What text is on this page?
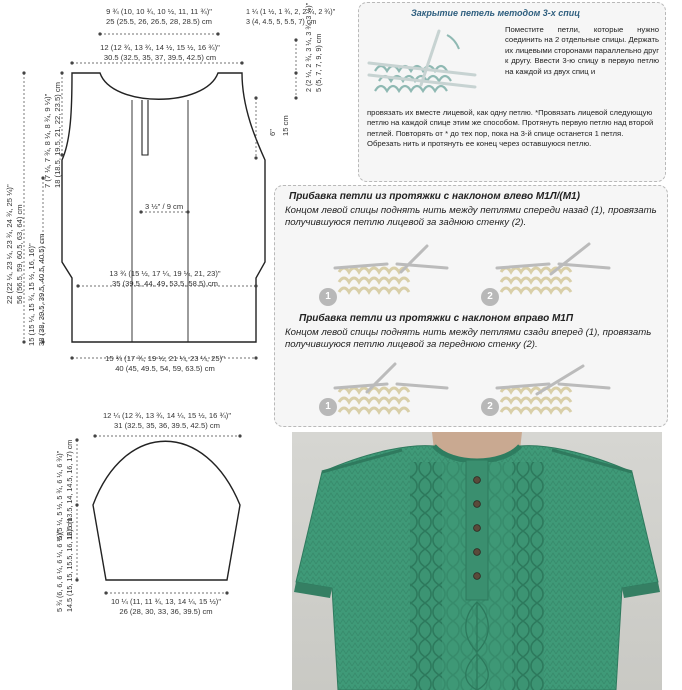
9 ¾ (10, 10 ¾, 10 ½, 11, 11 ¾)"
25 (25.5, 26, 26.5, 28, 28.5) cm
1 ¼ (1 ½, 1 ¾, 2, 2 ¼, 2 ¾)"
3 (4, 4.5, 5, 5.5, 7) cm
12 (12 ¾, 13 ¾, 14 ½, 15 ½, 16 ¾)"
30.5 (32.5, 35, 37, 39.5, 42.5) cm
3 ½" / 9 cm
13 ¾ (15 ½, 17 ¼, 19 ¼, 21, 23)"
35 (39.5, 44, 49, 53.5, 58.5) cm
15 ¾ (17 ¾, 19 ½, 21 ¼, 23 ¼, 25)"
40 (45, 49.5, 54, 59, 63.5) cm
2 (2 ¼, 2 ¾, 3 ¼, 3 ¾, 3 ½)" 5 (5, 7, 7, 9, 9) cm
6" 15 cm
7 (7 ¼, 7 ¾, 8 ¼, 8 ¾, 9 ¼)" 18 (18.5, 19.5, 21, 22, 23.5) cm
22 (22 ¼, 23 ¼, 23 ¾, 24 ¾, 25 ¼)" 56 (56.5, 59, 60.5, 63, 64) cm 15 (15 ¼, 15 ¾, 15 ½, 16, 16)" 38 (38, 39.5, 39.5, 40.5, 40.5) cm
12 ¼ (12 ¾, 13 ¾, 14 ¼, 15 ½, 16 ¾)"
31 (32.5, 35, 36, 39.5, 42.5) cm
10 ¼ (11, 11 ¾, 13, 14 ¼, 15 ½)"
26 (28, 30, 33, 36, 39.5) cm
5 (5 ¼, 5 ½, 5 ¾, 6 ¼, 6 ¾)" 12.5 (13.5, 14, 14.5, 16, 17) cm
5 ¾ (6, 6, 6 ¼, 6 ¼, 6 ¼)" 14.5 (15, 15, 15.5, 16, 16) cm
Закрытие петель методом 3-х спиц
Поместите петли, которые нужно соединить на 2 отдельные спицы. Держать их лицевыми сторонами параллельно друг к другу. Ввести 3-ю спицу в первую петлю на каждой из двух спиц и
провязать их вместе лицевой, как одну петлю. *Провязать лицевой следующую петлю на каждой спице этим же способом. Протянуть первую петлю над второй петлей. Повторять от * до тех пор, пока на 3-й спице останется 1 петля. Обрезать нить и протянуть ее конец через оставшуюся петлю.
Прибавка петли из протяжки с наклоном влево M1Л/(M1)
Концом левой спицы поднять нить между петлями спереди назад (1), провязать получившуюся петлю лицевой за заднюю стенку (2).
1	2
Прибавка петли из протяжки с наклоном вправо M1П
Концом левой спицы поднять нить между петлями сзади вперед (1), провязать получившуюся петлю лицевой за переднюю стенку (2).
1	2
